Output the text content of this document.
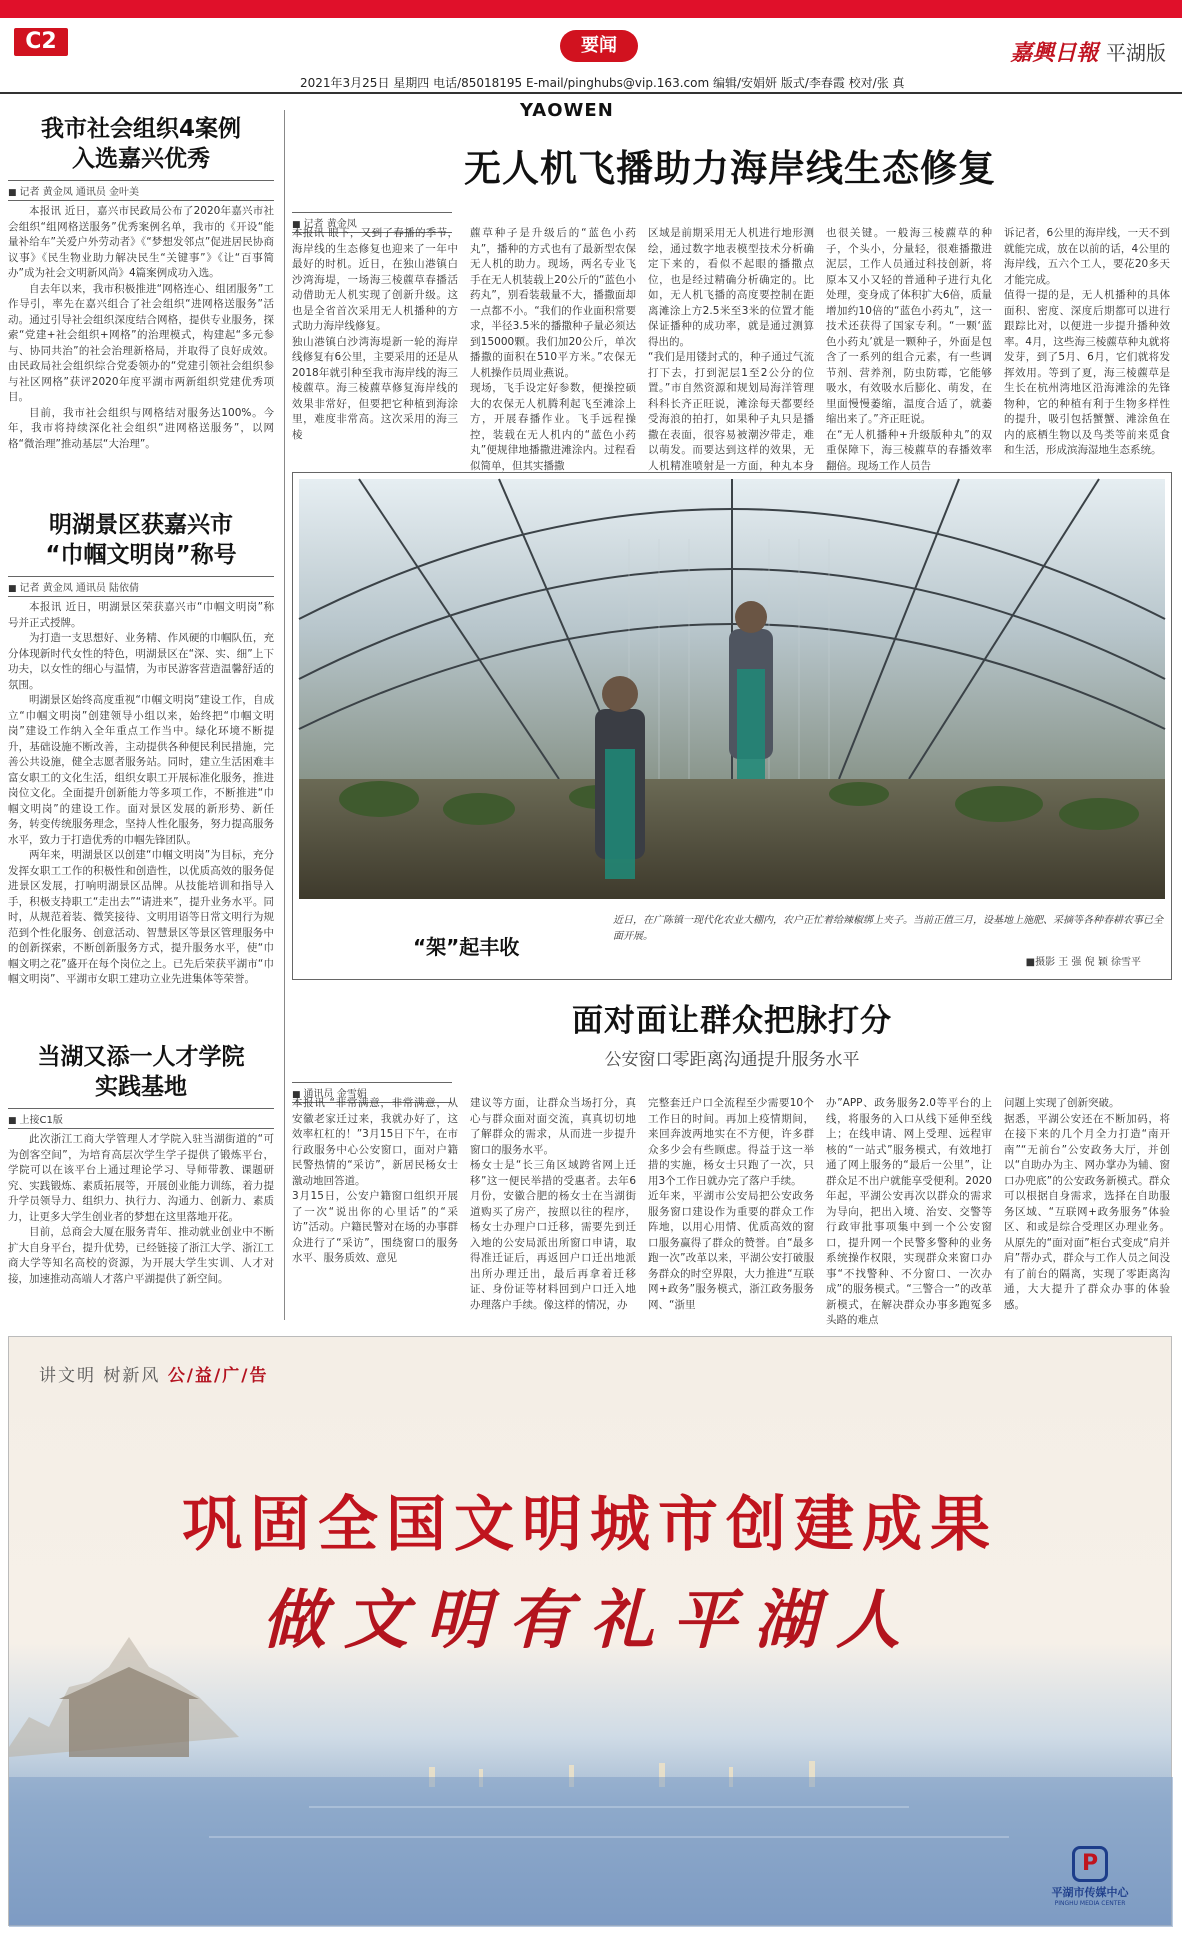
C2	要闻	嘉興日報 平湖版
2021年3月25日 星期四 电话/85018195 E-mail/pinghubs@vip.163.com 编辑/安娟妍 版式/李春霞 校对/张 真
YAOWEN
我市社会组织4案例
入选嘉兴优秀
■ 记者 黄金凤 通讯员 金叶美

本报讯 近日，嘉兴市民政局公布了2020年嘉兴市社会组织“组网格送服务”优秀案例名单，我市的《开设“能量补给车”关爱户外劳动者》《“梦想发邻点”促进居民协商议事》《民生物业助力解决民生“关键事”》《让“百事简办”成为社会文明新风尚》4篇案例成功入选。

自去年以来，我市积极推进“网格连心、组团服务”工作导引，率先在嘉兴组合了社会组织“进网格送服务”活动。通过引导社会组织深度结合网格，提供专业服务，探索“党建+社会组织+网格”的治理模式，构建起“多元参与、协同共治”的社会治理新格局，并取得了良好成效。由民政局社会组织综合党委领办的“党建引领社会组织参与社区网格”获评2020年度平湖市两新组织党建优秀项目。

目前，我市社会组织与网格结对服务达100%。今年，我市将持续深化社会组织“进网格送服务”，以网格“微治理”推动基层“大治理”。

明湖景区获嘉兴市
“巾帼文明岗”称号
■ 记者 黄金凤 通讯员 陆依倩

本报讯 近日，明湖景区荣获嘉兴市“巾帼文明岗”称号并正式授牌。

为打造一支思想好、业务精、作风硬的巾帼队伍，充分体现新时代女性的特色，明湖景区在“深、实、细”上下功夫，以女性的细心与温情，为市民游客营造温馨舒适的氛围。

明湖景区始终高度重视“巾帼文明岗”建设工作，自成立“巾帼文明岗”创建领导小组以来，始终把“巾帼文明岗”建设工作纳入全年重点工作当中。绿化环境不断提升，基础设施不断改善，主动提供各种便民利民措施，完善公共设施，健全志愿者服务站。同时，建立生活困难丰富女职工的文化生活，组织女职工开展标准化服务，推进岗位文化。全面提升创新能力等多项工作，不断推进“巾帼文明岗”的建设工作。面对景区发展的新形势、新任务，转变传统服务理念，坚持人性化服务，努力提高服务水平，致力于打造优秀的巾帼先锋团队。

两年来，明湖景区以创建“巾帼文明岗”为目标，充分发挥女职工工作的积极性和创造性，以优质高效的服务促进景区发展，打响明湖景区品牌。从技能培训和指导入手，积极支持职工“走出去”“请进来”，提升业务水平。同时，从规范着装、微笑接待、文明用语等日常文明行为规范到个性化服务、创意活动、智慧景区等景区管理服务中的创新探索，不断创新服务方式，提升服务水平，使“巾帼文明之花”盛开在每个岗位之上。已先后荣获平湖市“巾帼文明岗”、平湖市女职工建功立业先进集体等荣誉。

当湖又添一人才学院
实践基地
■ 上接C1版

此次浙江工商大学管理人才学院入驻当湖街道的“可为创客空间”，为培育高层次学生学子提供了锻炼平台，学院可以在该平台上通过理论学习、导师带教、课题研究、实践锻炼、素质拓展等，开展创业能力训练，着力提升学员领导力、组织力、执行力、沟通力、创新力、素质力，让更多大学生创业者的梦想在这里落地开花。

目前，总商会大厦在服务青年、推动就业创业中不断扩大自身平台，提升优势，已经链接了浙江大学、浙江工商大学等知名高校的资源，为开展大学生实训、人才对接，加速推动高端人才落户平湖提供了新空间。

无人机飞播助力海岸线生态修复
■ 记者 黄金凤
本报讯 眼下，又到了春播的季节，海岸线的生态修复也迎来了一年中最好的时机。近日，在独山港镇白沙湾海堤，一场海三棱藨草春播活动借助无人机实现了创新升级。这也是全省首次采用无人机播种的方式助力海岸线修复。
独山港镇白沙湾海堤新一轮的海岸线修复有6公里，主要采用的还是从2018年就引种至我市海岸线的海三棱藨草。海三棱藨草修复海岸线的效果非常好，但要把它种植到海涂里，难度非常高。这次采用的海三棱
藨草种子是升级后的“蓝色小药丸”，播种的方式也有了最新型农保无人机的助力。现场，两名专业飞手在无人机装载上20公斤的“蓝色小药丸”，别看装载量不大，播撒面却一点都不小。“我们的作业面积常要求，半径3.5米的播撒种子量必须达到15000颗。我们加20公斤，单次播撒的面积在510平方米。”农保无人机操作员周业燕说。
现场，飞手设定好参数，便操控硕大的农保无人机腾利起飞至滩涂上方，开展春播作业。飞手远程操控，装载在无人机内的“蓝色小药丸”便规律地播撒进滩涂内。过程看似简单，但其实播撒
区域是前期采用无人机进行地形测绘，通过数字地表模型技术分析确定下来的，看似不起眼的播撒点位，也是经过精确分析确定的。比如，无人机飞播的高度要控制在距离滩涂上方2.5米至3米的位置才能保证播种的成功率，就是通过测算得出的。
“我们是用镂封式的，种子通过气流打下去，打到泥层1至2公分的位置。”市自然资源和规划局海洋管理科科长齐正旺说，滩涂每天都要经受海浪的拍打，如果种子丸只是播撒在表面，很容易被潮汐带走，难以萌发。而要达到这样的效果，无人机精准喷射是一方面，种丸本身
也很关键。一般海三棱藨草的种子，个头小，分量轻，很难播撒进泥层，工作人员通过科技创新，将原本又小又轻的普通种子进行丸化处理，变身成了体积扩大6倍，质量增加约10倍的“蓝色小药丸”，这一技术还获得了国家专利。“一颗‘蓝色小药丸’就是一颗种子，外面是包含了一系列的组合元素，有一些调节剂、营养剂，防虫防霉，它能够吸水，有效吸水后膨化、萌发，在里面慢慢萎缩，温度合适了，就萎缩出来了。”齐正旺说。
在“无人机播种+升级版种丸”的双重保障下，海三棱藨草的春播效率翻倍。现场工作人员告
诉记者，6公里的海岸线，一天不到就能完成，放在以前的话，4公里的海岸线，五六个工人，要花20多天才能完成。
值得一提的是，无人机播种的具体面积、密度、深度后期都可以进行跟踪比对，以便进一步提升播种效率。4月，这些海三棱藨草种丸就将发芽，到了5月、6月，它们就将发挥效用。等到了夏，海三棱藨草是生长在杭州湾地区沿海滩涂的先锋物种，它的种植有利于生物多样性的提升，吸引包括蟹蟹、滩涂鱼在内的底栖生物以及鸟类等前来觅食和生活，形成滨海湿地生态系统。
“架”起丰收
近日，在广陈镇一现代化农业大棚内，农户正忙着给辣椒绑上夹子。当前正值三月，设基地上施肥、采摘等各种春耕农事已全面开展。
■摄影 王 强 倪 颖 徐雪平
面对面让群众把脉打分
公安窗口零距离沟通提升服务水平
■ 通讯员 金雪娟
本报讯 “非常满意，非常满意，从安徽老家迁过来，我就办好了，这效率杠杠的！”3月15日下午，在市行政服务中心公安窗口，面对户籍民警热情的“采访”，新居民杨女士激动地回答道。
3月15日，公安户籍窗口组织开展了一次“说出你的心里话”的“采访”活动。户籍民警对在场的办事群众进行了“采访”，围绕窗口的服务水平、服务质效、意见
建议等方面，让群众当场打分，真心与群众面对面交流，真真切切地了解群众的需求，从而进一步提升窗口的服务水平。
杨女士是“长三角区域跨省网上迁移”这一便民举措的受惠者。去年6月份，安徽合肥的杨女士在当湖街道购买了房产，按照以往的程序，杨女士办理户口迁移，需要先到迁入地的公安局派出所窗口申请，取得准迁证后，再返回户口迁出地派出所办理迁出，最后再拿着迁移证、身份证等材料回到户口迁入地办理落户手续。像这样的情况，办
完整套迁户口全流程至少需要10个工作日的时间。再加上疫情期间，来回奔波两地实在不方便，许多群众多少会有些顾虑。得益于这一举措的实施，杨女士只跑了一次，只用3个工作日就办完了落户手续。
近年来，平湖市公安局把公安政务服务窗口建设作为重要的群众工作阵地，以用心用情、优质高效的窗口服务赢得了群众的赞誉。自“最多跑一次”改革以来，平湖公安打破服务群众的时空界限，大力推进“互联网+政务”服务模式，浙江政务服务网、“浙里
办”APP、政务服务2.0等平台的上线，将服务的入口从线下延伸至线上；在线申请、网上受理、远程审核的“一站式”服务模式，有效地打通了网上服务的“最后一公里”，让群众足不出户就能享受便利。2020年起，平湖公安再次以群众的需求为导向，把出入境、治安、交警等行政审批事项集中到一个公安窗口，提升网一个民警多警种的业务系统操作权限，实现群众来窗口办事“不找警种、不分窗口、一次办成”的服务模式。“三警合一”的改革新模式，在解决群众办事多跑冤多头路的难点
问题上实现了创新突破。
据悉，平湖公安还在不断加码，将在接下来的几个月全力打造“南开南”“无前台”公安政务大厅，并创以“自助办为主、网办掌办为辅、窗口办兜底”的公安政务新模式。群众可以根据自身需求，选择在自助服务区域、“互联网+政务服务”体验区、和或是综合受理区办理业务。从原先的“面对面”柜台式变成“肩并肩”帮办式，群众与工作人员之间没有了前台的隔离，实现了零距离沟通，大大提升了群众办事的体验感。
讲文明 树新风 公/益/广/告
巩固全国文明城市创建成果
做文明有礼平湖人
P
平湖市传媒中心
PINGHU MEDIA CENTER
